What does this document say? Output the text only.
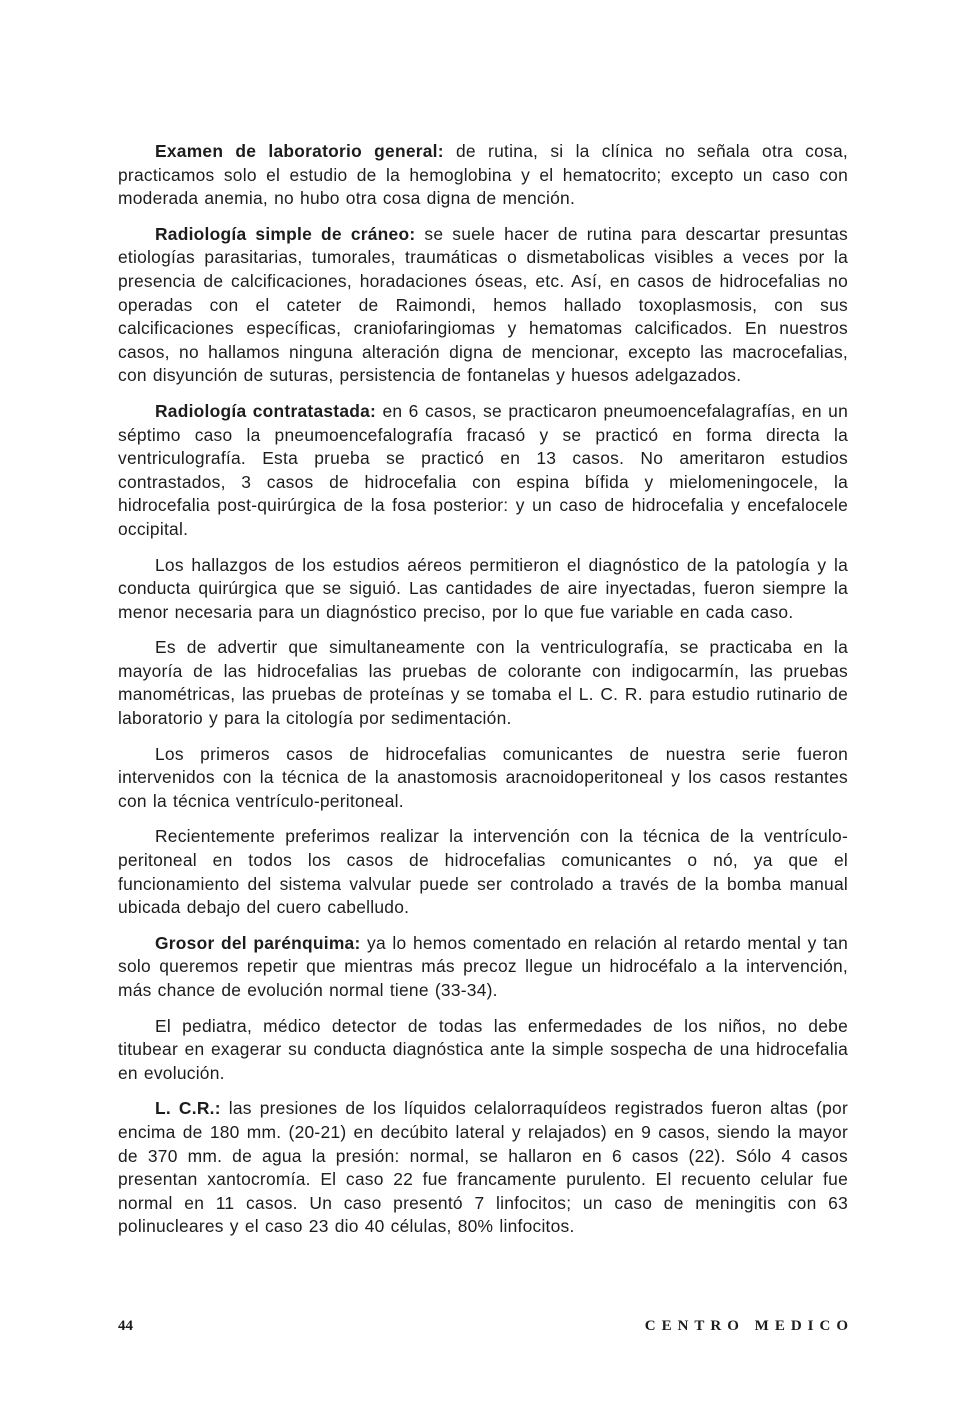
Examen de laboratorio general: de rutina, si la clínica no señala otra cosa, practicamos solo el estudio de la hemoglobina y el hematocrito; excepto un caso con moderada anemia, no hubo otra cosa digna de mención.

Radiología simple de cráneo: se suele hacer de rutina para descartar presuntas etiologías parasitarias, tumorales, traumáticas o dismetabolicas visibles a veces por la presencia de calcificaciones, horadaciones óseas, etc. Así, en casos de hidrocefalias no operadas con el cateter de Raimondi, hemos hallado toxoplasmosis, con sus calcificaciones específicas, craniofaringiomas y hematomas calcificados. En nuestros casos, no hallamos ninguna alteración digna de mencionar, excepto las macrocefalias, con disyunción de suturas, persistencia de fontanelas y huesos adelgazados.

Radiología contratastada: en 6 casos, se practicaron pneumoencefalagrafías, en un séptimo caso la pneumoencefalografía fracasó y se practicó en forma directa la ventriculografía. Esta prueba se practicó en 13 casos. No ameritaron estudios contrastados, 3 casos de hidrocefalia con espina bífida y mielomeningocele, la hidrocefalia post-quirúrgica de la fosa posterior: y un caso de hidrocefalia y encefalocele occipital.

Los hallazgos de los estudios aéreos permitieron el diagnóstico de la patología y la conducta quirúrgica que se siguió. Las cantidades de aire inyectadas, fueron siempre la menor necesaria para un diagnóstico preciso, por lo que fue variable en cada caso.

Es de advertir que simultaneamente con la ventriculografía, se practicaba en la mayoría de las hidrocefalias las pruebas de colorante con indigocarmín, las pruebas manométricas, las pruebas de proteínas y se tomaba el L. C. R. para estudio rutinario de laboratorio y para la citología por sedimentación.

Los primeros casos de hidrocefalias comunicantes de nuestra serie fueron intervenidos con la técnica de la anastomosis aracnoidoperitoneal y los casos restantes con la técnica ventrículo-peritoneal.

Recientemente preferimos realizar la intervención con la técnica de la ventrículo-peritoneal en todos los casos de hidrocefalias comunicantes o nó, ya que el funcionamiento del sistema valvular puede ser controlado a través de la bomba manual ubicada debajo del cuero cabelludo.

Grosor del parénquima: ya lo hemos comentado en relación al retardo mental y tan solo queremos repetir que mientras más precoz llegue un hidrocéfalo a la intervención, más chance de evolución normal tiene (33-34).

El pediatra, médico detector de todas las enfermedades de los niños, no debe titubear en exagerar su conducta diagnóstica ante la simple sospecha de una hidrocefalia en evolución.

L. C.R.: las presiones de los líquidos celalorraquídeos registrados fueron altas (por encima de 180 mm. (20-21) en decúbito lateral y relajados) en 9 casos, siendo la mayor de 370 mm. de agua la presión: normal, se hallaron en 6 casos (22). Sólo 4 casos presentan xantocromía. El caso 22 fue francamente purulento. El recuento celular fue normal en 11 casos. Un caso presentó 7 linfocitos; un caso de meningitis con 63 polinucleares y el caso 23 dio 40 células, 80% linfocitos.

44	CENTRO MEDICO
